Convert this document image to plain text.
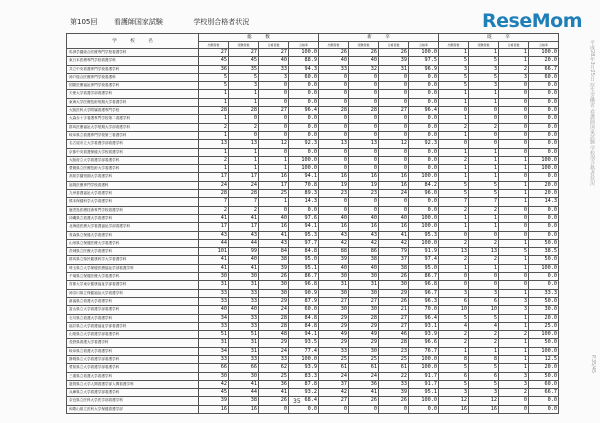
第105回 看護師国家試験	学校別合格者状況	ReseMom
学　　　校　　　名	総　　　数				新　　　卒				既　　　卒			
	出願者数	受験者数	合格者数	合格率	出願者数	受験者数	合格者数	合格率	出願者数	受験者数	合格者数	合格率
馬渕学園総合医療専門学校看護学科	27	27	27	100.0	26	26	26	100.0	1	1	1	100.0
東日本医療専門学校看護学科	45	45	40	88.9	40	40	39	97.5	5	5	1	20.0
共立中央看護専門学校看護学科	36	35	33	94.3	33	32	31	96.9	3	3	2	66.7
神戸総合医療専門学校看護科	5	5	3	60.0	0	0	0	0.0	5	5	3	60.0
国際医療福祉専門学校看護学科	5	3	0	0.0	0	0	0	0.0	5	3	0	0.0
天使大学看護学部看護学科	1	1	0	0.0	0	0	0	0.0	1	1	0	0.0
東海大学医療技術短期大学看護学科	1	1	0	0.0	0	0	0	0.0	1	1	0	0.0
大阪医科大学附属看護専門学校	28	28	27	96.4	28	28	27	96.4	0	0	0	0.0
大森赤十字看護専門学校第二看護学科	1	0	0	0.0	0	0	0	0.0	1	0	0	0.0
群馬医療福祉大学短期大学部看護学科	2	2	0	0.0	0	0	0	0.0	2	2	0	0.0
岐阜県立看護専門学校第三看護学科	1	0	0	0.0	0	0	0	0.0	1	0	0	0.0
名古屋市立大学看護学部看護学科	13	13	12	92.3	13	13	12	92.3	0	0	0	0.0
京都中央看護保健大学校看護学科	1	1	0	0.0	0	0	0	0.0	1	1	0	0.0
大阪府立大学看護学部看護学科	2	1	1	100.0	0	0	0	0.0	2	1	1	100.0
愛媛県立医療技術大学看護学科	1	1	1	100.0	0	0	0	0.0	1	1	1	100.0
高知学園短期大学看護学科	17	17	16	94.1	16	16	16	100.0	1	1	0	0.0
福岡医療専門学校看護科	24	24	17	70.8	19	19	16	84.2	5	5	1	20.0
九州看護福祉大学看護学科	28	28	25	89.3	23	23	24	96.0	5	5	1	20.0
熊本保健科学大学看護学科	7	7	1	14.3	0	0	0	0.0	7	7	1	14.3
鹿児島医療技術専門学校看護学科	2	2	0	0.0	0	0	0	0.0	2	2	0	0.0
沖縄県立看護大学看護学科	41	41	40	97.6	40	40	40	100.0	1	1	0	0.0
北海道医療大学看護福祉学部看護学科	17	17	16	94.1	16	16	16	100.0	1	1	0	0.0
青森県立保健大学看護学科	43	43	41	95.3	43	43	41	95.3	0	0	0	0.0
山形県立保健医療大学看護学科	44	44	43	97.7	42	42	42	100.0	2	2	1	50.0
茨城県立医療大学看護学科	101	99	84	84.8	88	86	79	91.9	13	13	5	38.5
群馬県立県民健康科学大学看護学科	41	40	38	95.0	39	38	37	97.4	2	2	1	50.0
埼玉県立大学保健医療福祉学部看護学科	41	41	39	95.1	40	40	38	95.0	1	1	1	100.0
千葉県立保健医療大学看護学科	30	30	26	86.7	30	30	26	86.7	0	0	0	0.0
首都大学東京健康福祉学部看護学科	31	31	30	96.8	31	31	30	96.8	0	0	0	0.0
神奈川県立保健福祉大学看護学科	33	33	30	90.9	30	30	29	96.7	3	3	1	33.3
新潟県立看護大学看護学科	33	33	29	87.9	27	27	26	96.3	6	6	3	50.0
富山県立大学看護学部看護学科	40	40	24	60.0	30	30	21	70.0	10	10	3	30.0
石川県立看護大学看護学科	34	33	28	84.8	29	28	27	96.4	5	5	1	20.0
福井県立大学看護福祉学部看護学科	33	33	28	84.8	29	29	27	93.1	4	4	1	25.0
山梨県立大学看護学部看護学科	51	51	48	94.1	49	49	46	93.9	2	2	2	100.0
長野県看護大学看護学科	31	31	29	93.5	29	29	28	96.6	2	2	1	50.0
岐阜県立看護大学看護学科	34	31	24	77.4	33	30	23	76.7	1	1	1	100.0
静岡県立大学看護学部看護学科	33	33	33	100.0	25	25	25	100.0	8	8	1	12.5
愛知県立大学看護学部看護学科	66	66	62	93.9	61	61	61	100.0	5	5	1	20.0
三重県立看護大学看護学科	30	30	25	83.3	24	24	22	91.7	6	6	3	50.0
滋賀県立大学人間看護学部人間看護学科	42	41	36	87.8	37	36	33	91.7	5	5	3	60.0
兵庫県立大学看護学部看護学科	45	44	41	93.2	42	41	39	95.1	3	3	2	66.7
奈良県立医科大学医学部看護学科	39	38	26	68.4	27	26	26	100.0	12	12	0	0.0
和歌山県立医科大学保健看護学部	16	16	0	0.0	0	0	0	0.0	16	16	0	0.0
35
平成28年3月25日 厚生労働省 看護師国家試験 学校別合格者状況
P.35/45
